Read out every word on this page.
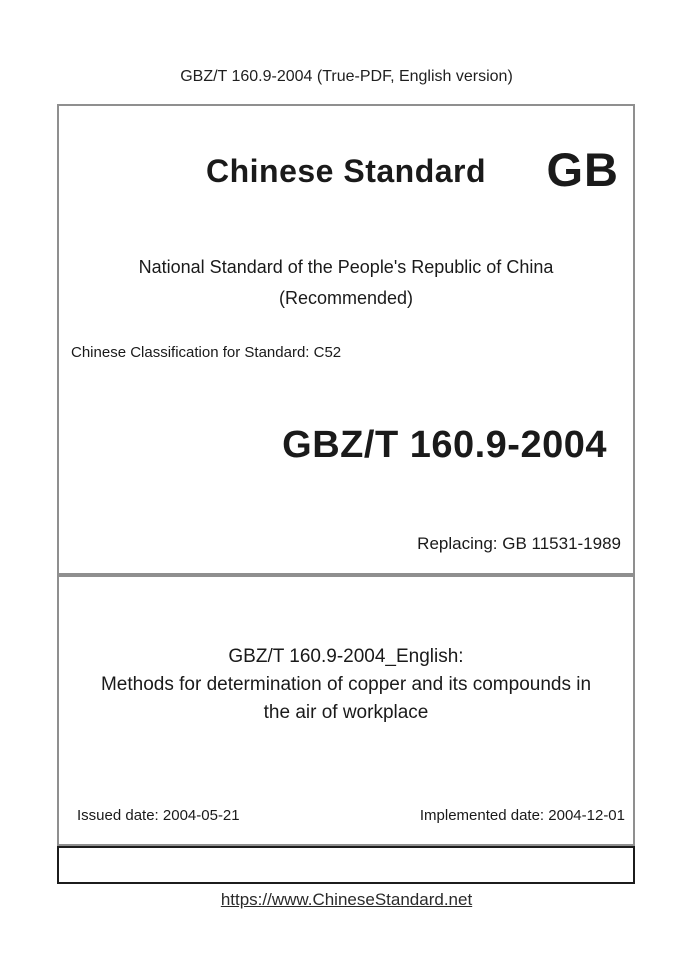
GBZ/T 160.9-2004 (True-PDF, English version)
Chinese Standard	GB
National Standard of the People's Republic of China
(Recommended)
Chinese Classification for Standard: C52
GBZ/T 160.9-2004
Replacing: GB 11531-1989
GBZ/T 160.9-2004_English:
Methods for determination of copper and its compounds in
the air of workplace
Issued date: 2004-05-21	Implemented date: 2004-12-01
https://www.ChineseStandard.net
